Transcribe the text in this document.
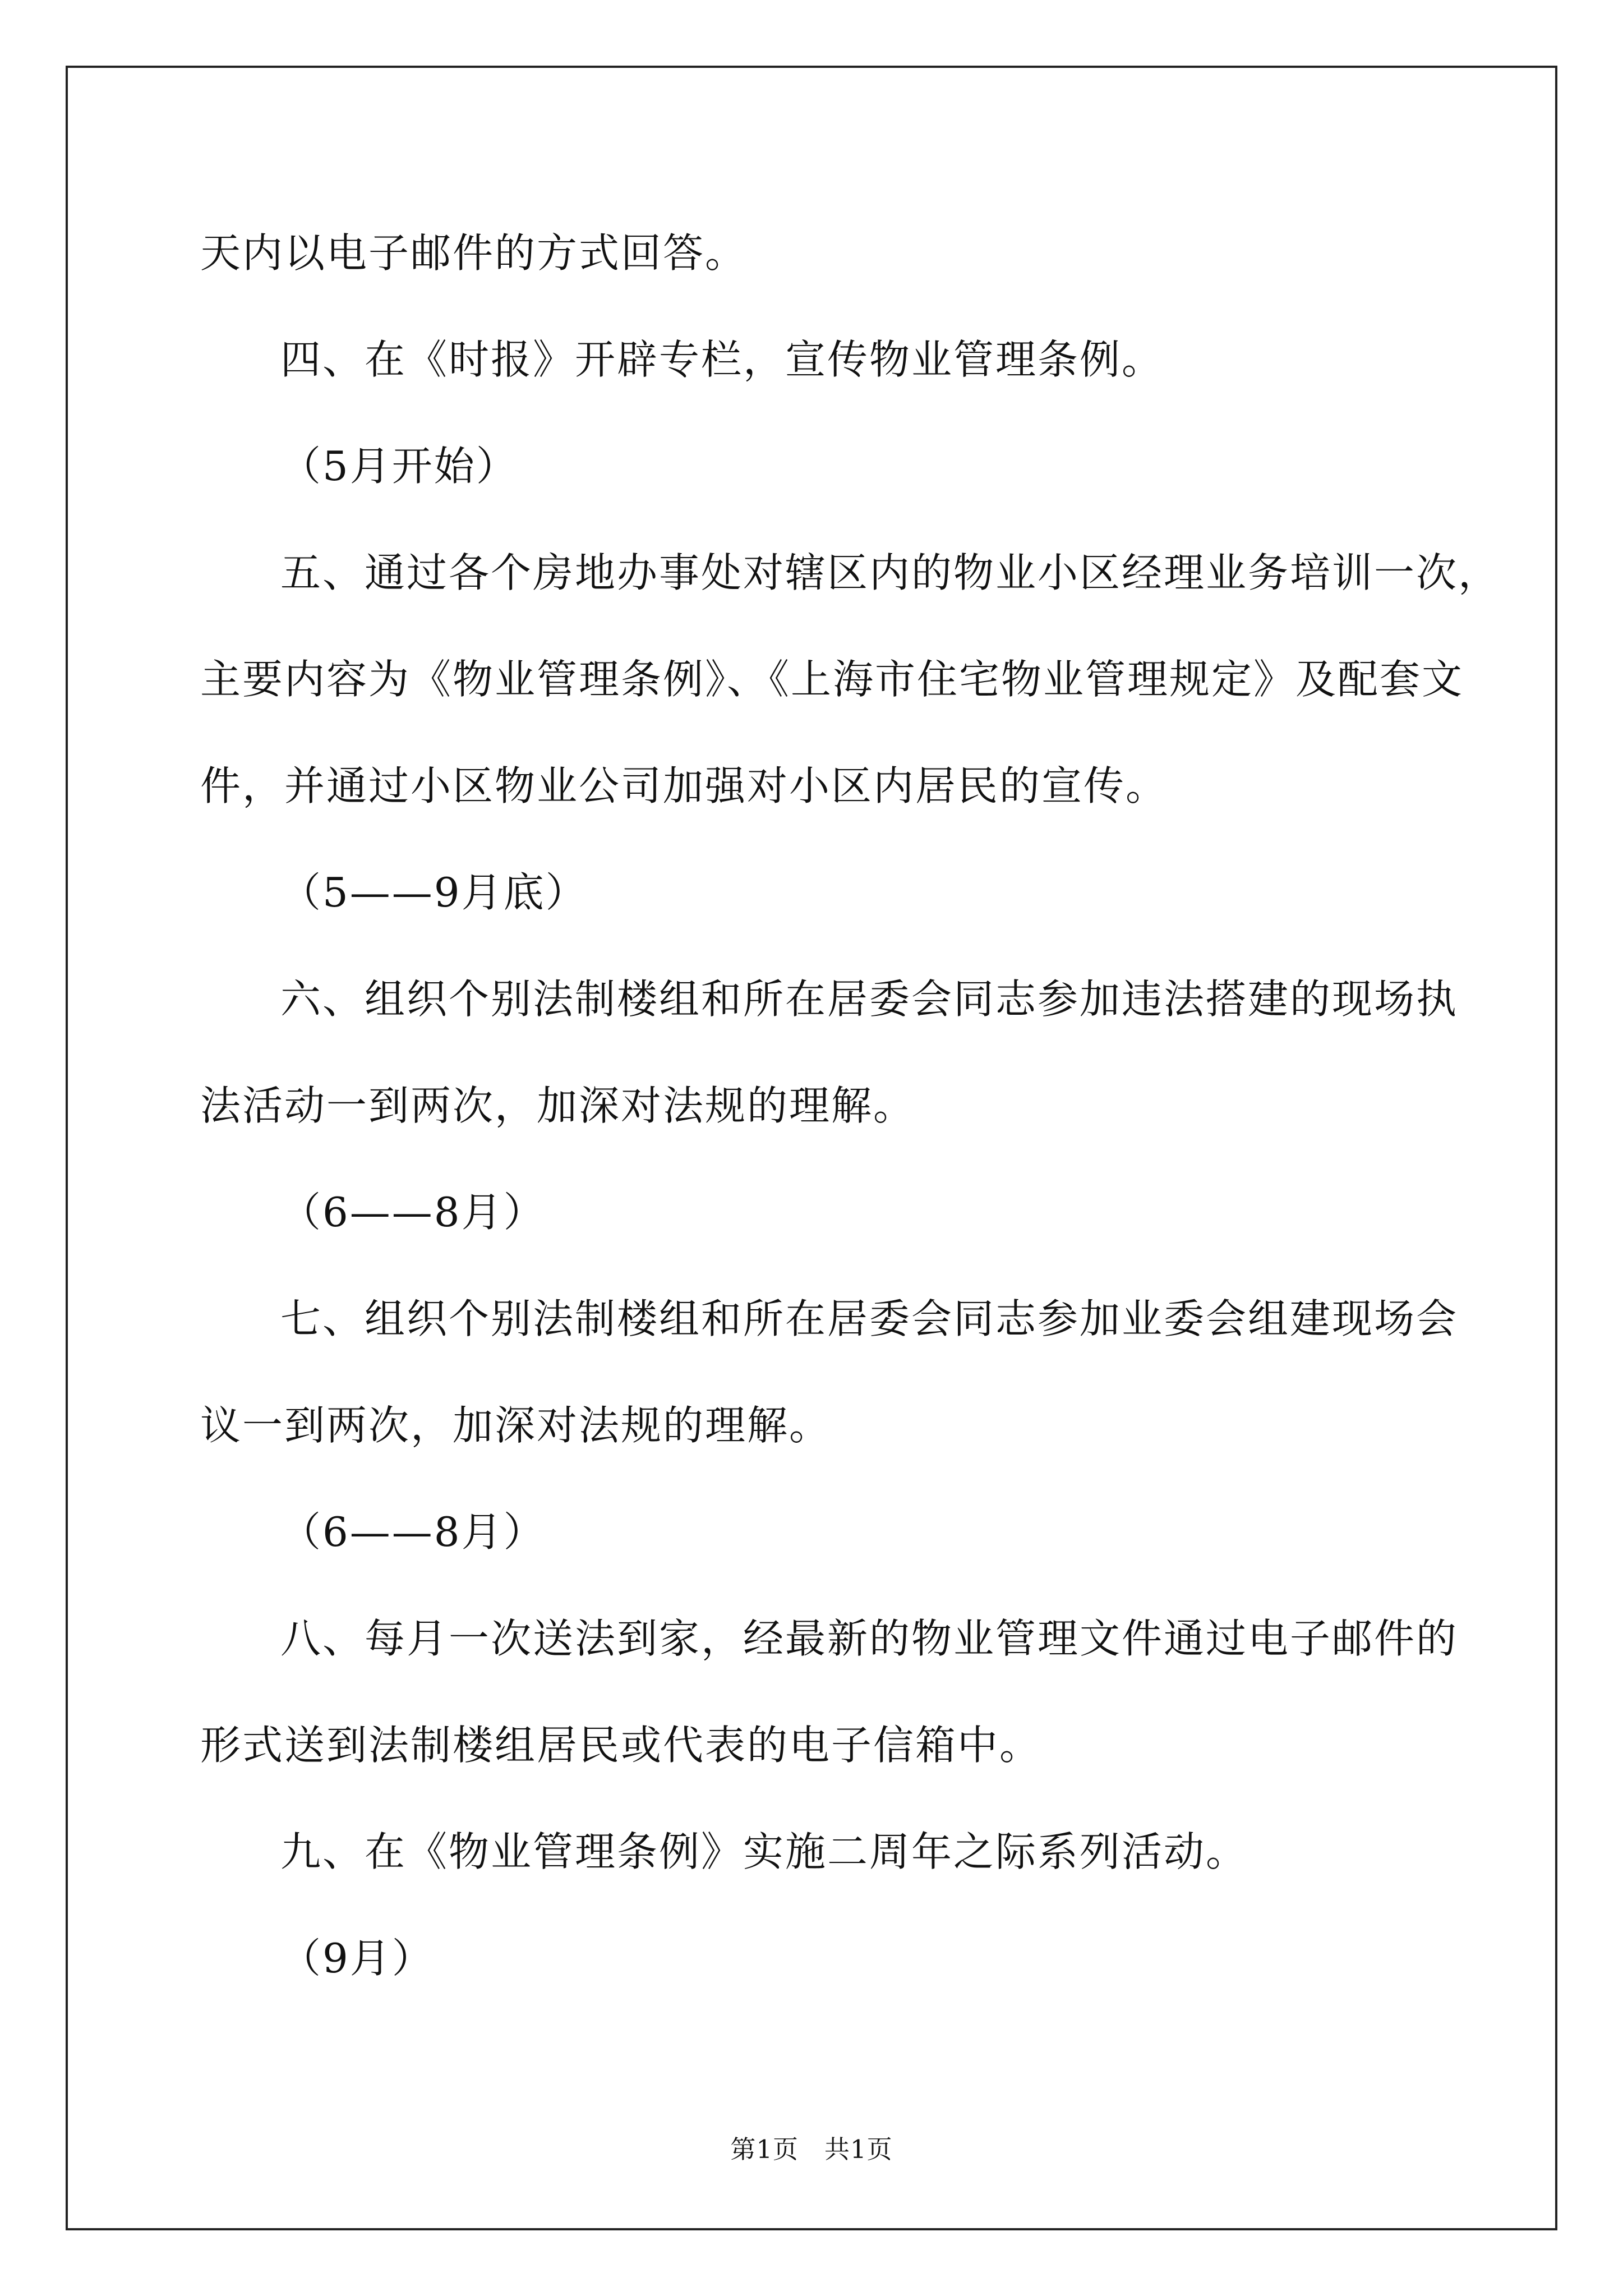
天内以电子邮件的方式回答。
四、在《时报》开辟专栏，宣传物业管理条例。
（5月开始）
五、通过各个房地办事处对辖区内的物业小区经理业务培训一次，
主要内容为《物业管理条例》、《上海市住宅物业管理规定》及配套文
件，并通过小区物业公司加强对小区内居民的宣传。
（5——9月底）
六、组织个别法制楼组和所在居委会同志参加违法搭建的现场执
法活动一到两次，加深对法规的理解。
（6——8月）
七、组织个别法制楼组和所在居委会同志参加业委会组建现场会
议一到两次，加深对法规的理解。
（6——8月）
八、每月一次送法到家，经最新的物业管理文件通过电子邮件的
形式送到法制楼组居民或代表的电子信箱中。
九、在《物业管理条例》实施二周年之际系列活动。
（9月）
第1页   共1页
